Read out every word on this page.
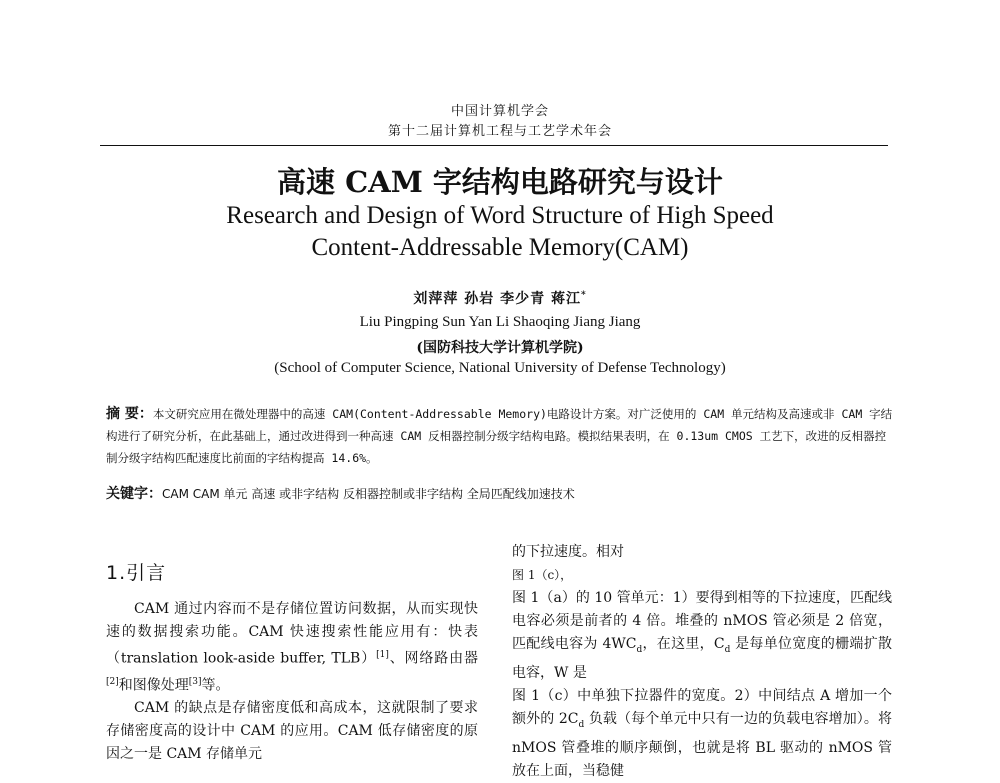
中国计算机学会
第十二届计算机工程与工艺学术年会
高速 CAM 字结构电路研究与设计
Research and Design of Word Structure of High Speed
Content-Addressable Memory(CAM)
刘萍萍 孙岩 李少青 蒋江*
Liu Pingping Sun Yan Li Shaoqing Jiang Jiang
(国防科技大学计算机学院)
(School of Computer Science, National University of Defense Technology)
摘 要：本文研究应用在微处理器中的高速 CAM(Content-Addressable Memory)电路设计方案。对广泛使用的 CAM 单元结构及高速或非 CAM 字结构进行了研究分析，在此基础上，通过改进得到一种高速 CAM 反相器控制分级字结构电路。模拟结果表明，在 0.13um CMOS 工艺下，改进的反相器控制分级字结构匹配速度比前面的字结构提高 14.6%。
关键字：CAM CAM 单元 高速 或非字结构 反相器控制或非字结构 全局匹配线加速技术
1.引言

CAM 通过内容而不是存储位置访问数据，从而实现快速的数据搜索功能。CAM 快速搜索性能应用有：快表（translation look-aside buffer, TLB）[1]、网络路由器[2]和图像处理[3]等。

CAM 的缺点是存储密度低和高成本，这就限制了要求存储密度高的设计中 CAM 的应用。CAM 低存储密度的原因之一是 CAM 存储单元

的下拉速度。相对

图 1（c），

图 1（a）的 10 管单元：1）要得到相等的下拉速度，匹配线电容必须是前者的 4 倍。堆叠的 nMOS 管必须是 2 倍宽，匹配线电容为 $4WC_d$，在这里，$C_d$ 是每单位宽度的栅端扩散电容，W 是

图 1（c）中单独下拉器件的宽度。2）中间结点 A 增加一个额外的 $2C_d$ 负载（每个单元中只有一边的负载电容增加）。将 nMOS 管叠堆的顺序颠倒，也就是将 BL 驱动的 nMOS 管放在上面，当稳健
